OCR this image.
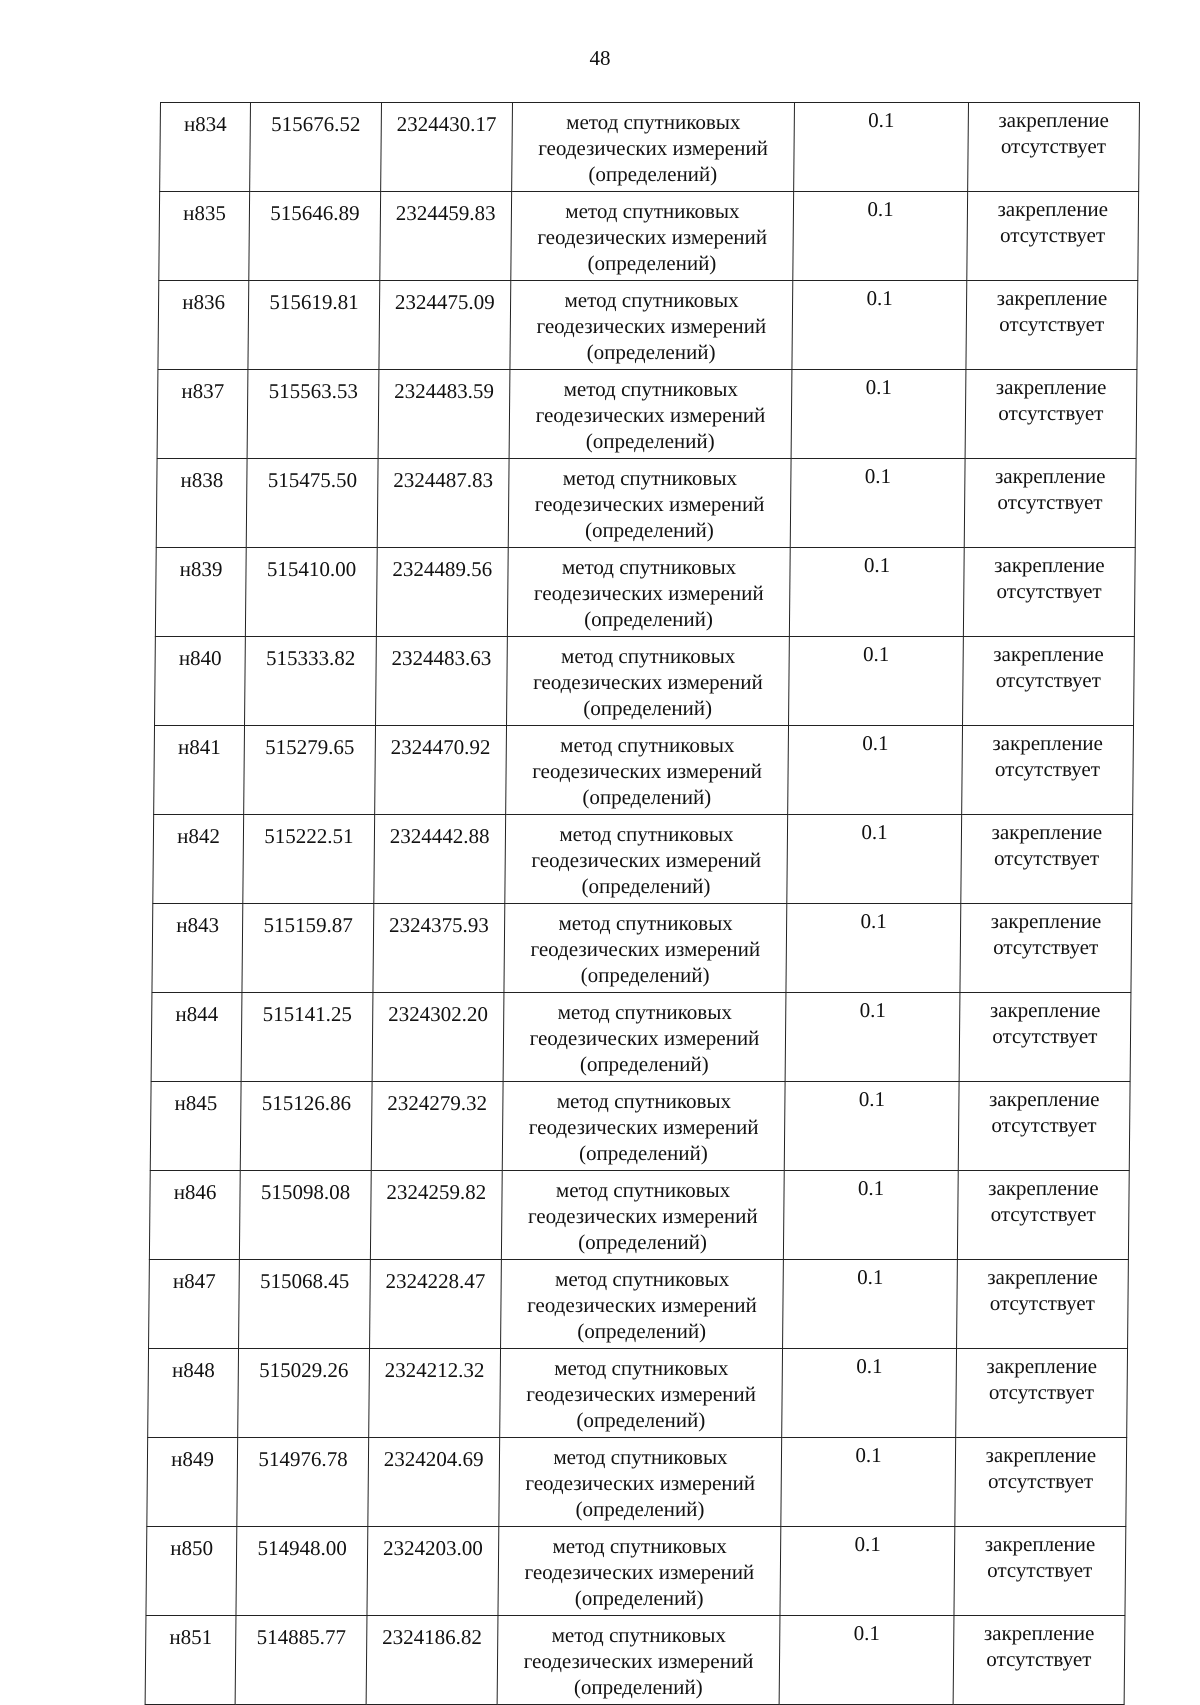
48
н834	515676.52	2324430.17	метод спутниковых
геодезических измерений
(определений)	0.1	закрепление
отсутствует

н835	515646.89	2324459.83	метод спутниковых
геодезических измерений
(определений)	0.1	закрепление
отсутствует

н836	515619.81	2324475.09	метод спутниковых
геодезических измерений
(определений)	0.1	закрепление
отсутствует

н837	515563.53	2324483.59	метод спутниковых
геодезических измерений
(определений)	0.1	закрепление
отсутствует

н838	515475.50	2324487.83	метод спутниковых
геодезических измерений
(определений)	0.1	закрепление
отсутствует

н839	515410.00	2324489.56	метод спутниковых
геодезических измерений
(определений)	0.1	закрепление
отсутствует

н840	515333.82	2324483.63	метод спутниковых
геодезических измерений
(определений)	0.1	закрепление
отсутствует

н841	515279.65	2324470.92	метод спутниковых
геодезических измерений
(определений)	0.1	закрепление
отсутствует

н842	515222.51	2324442.88	метод спутниковых
геодезических измерений
(определений)	0.1	закрепление
отсутствует

н843	515159.87	2324375.93	метод спутниковых
геодезических измерений
(определений)	0.1	закрепление
отсутствует

н844	515141.25	2324302.20	метод спутниковых
геодезических измерений
(определений)	0.1	закрепление
отсутствует

н845	515126.86	2324279.32	метод спутниковых
геодезических измерений
(определений)	0.1	закрепление
отсутствует

н846	515098.08	2324259.82	метод спутниковых
геодезических измерений
(определений)	0.1	закрепление
отсутствует

н847	515068.45	2324228.47	метод спутниковых
геодезических измерений
(определений)	0.1	закрепление
отсутствует

н848	515029.26	2324212.32	метод спутниковых
геодезических измерений
(определений)	0.1	закрепление
отсутствует

н849	514976.78	2324204.69	метод спутниковых
геодезических измерений
(определений)	0.1	закрепление
отсутствует

н850	514948.00	2324203.00	метод спутниковых
геодезических измерений
(определений)	0.1	закрепление
отсутствует

н851	514885.77	2324186.82	метод спутниковых
геодезических измерений
(определений)	0.1	закрепление
отсутствует
